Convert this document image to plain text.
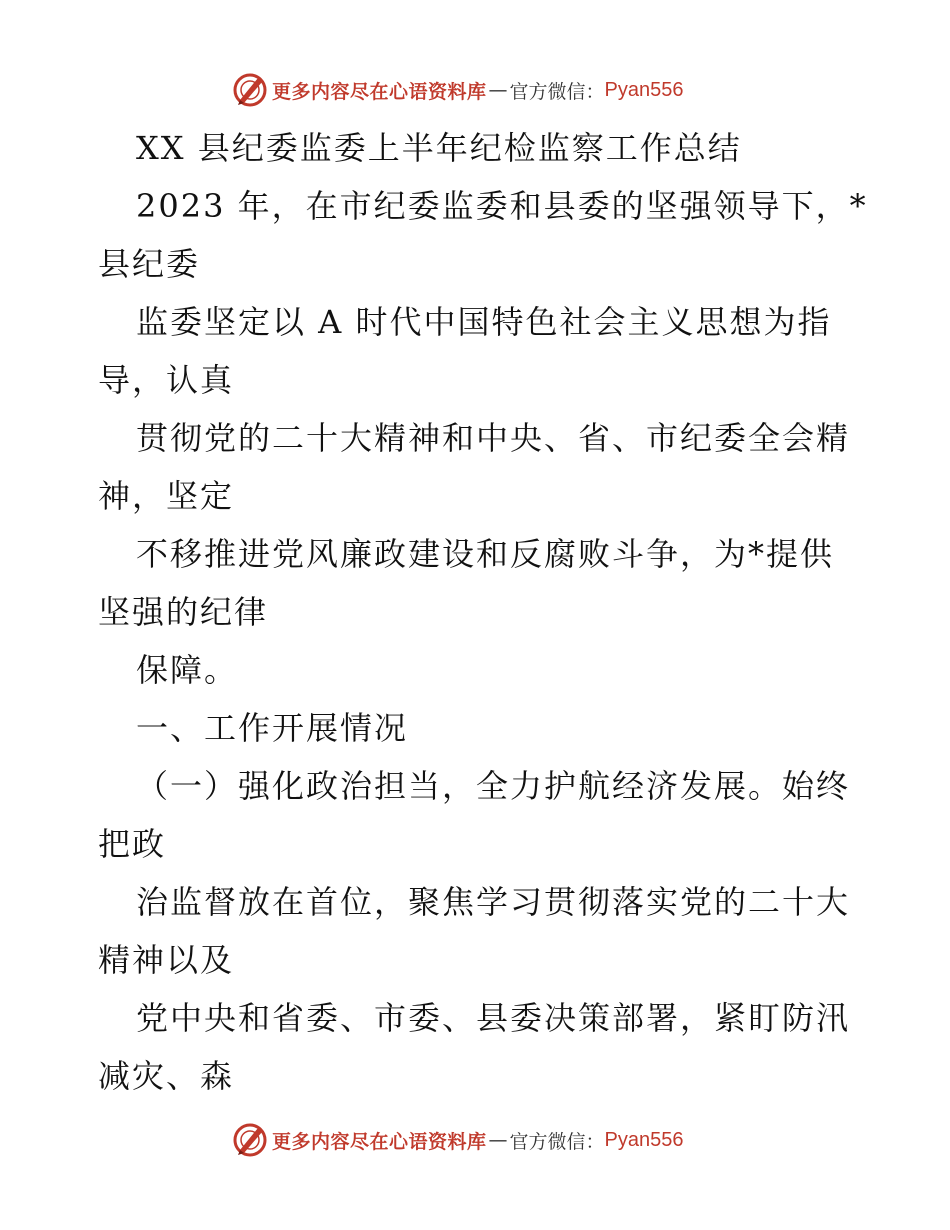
更多内容尽在心语资料库 — 官方微信： Pyan556
XX 县纪委监委上半年纪检监察工作总结
2023 年，在市纪委监委和县委的坚强领导下，*
县纪委
监委坚定以 A 时代中国特色社会主义思想为指
导，认真
贯彻党的二十大精神和中央、省、市纪委全会精
神，坚定
不移推进党风廉政建设和反腐败斗争，为*提供
坚强的纪律
保障。
一、工作开展情况
（一）强化政治担当，全力护航经济发展。始终
把政
治监督放在首位，聚焦学习贯彻落实党的二十大
精神以及
党中央和省委、市委、县委决策部署，紧盯防汛
减灾、森
更多内容尽在心语资料库 — 官方微信： Pyan556
